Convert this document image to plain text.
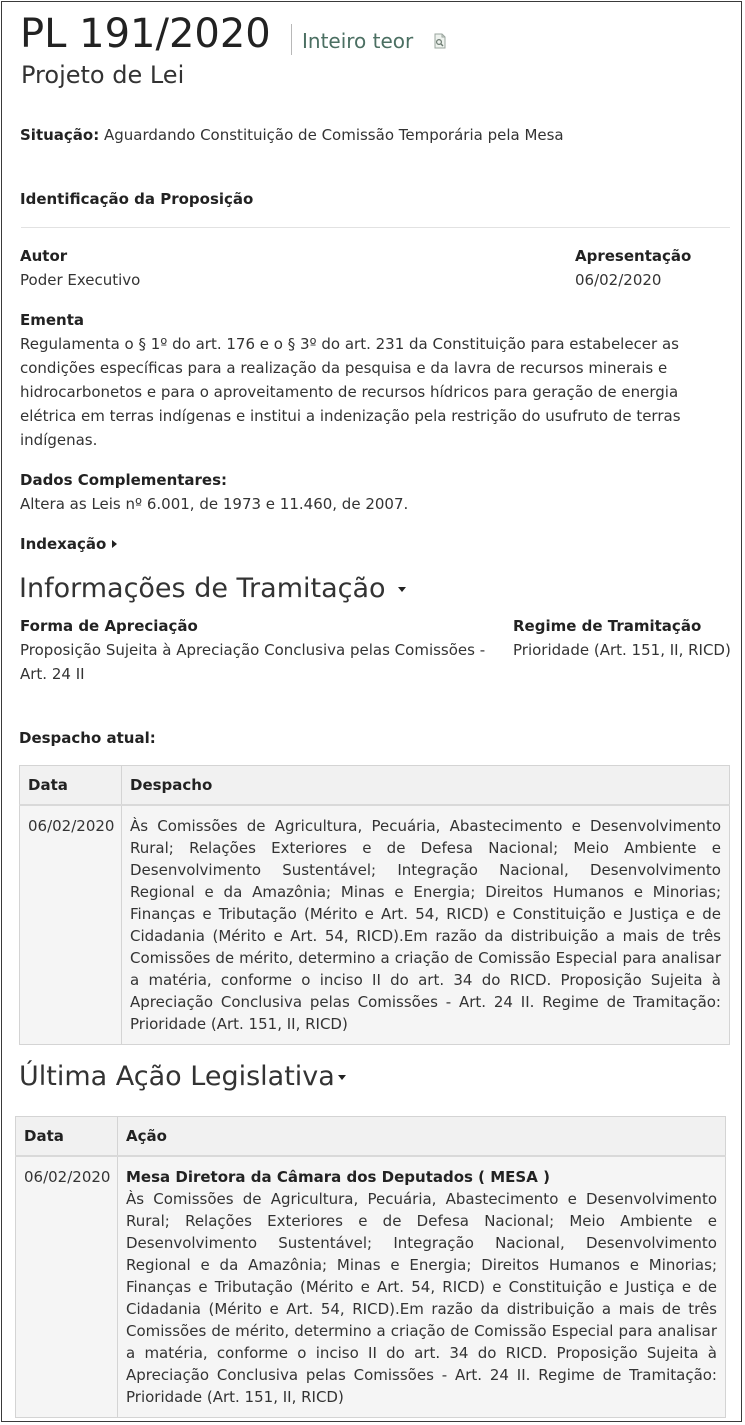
PL 191/2020 Inteiro teor
Projeto de Lei
Situação: Aguardando Constituição de Comissão Temporária pela Mesa
Identificação da Proposição
Autor
Poder Executivo
Apresentação
06/02/2020
Ementa
Regulamenta o § 1º do art. 176 e o § 3º do art. 231 da Constituição para estabelecer as
condições específicas para a realização da pesquisa e da lavra de recursos minerais e
hidrocarbonetos e para o aproveitamento de recursos hídricos para geração de energia
elétrica em terras indígenas e institui a indenização pela restrição do usufruto de terras
indígenas.
Dados Complementares:
Altera as Leis nº 6.001, de 1973 e 11.460, de 2007.
Indexação
Informações de Tramitação
Forma de Apreciação
Proposição Sujeita à Apreciação Conclusiva pelas Comissões -
Art. 24 II
Regime de Tramitação
Prioridade (Art. 151, II, RICD)
Despacho atual:
Data	Despacho
06/02/2020	Às Comissões de Agricultura, Pecuária, Abastecimento e Desenvolvimento Rural; Relações Exteriores e de Defesa Nacional; Meio Ambiente e Desenvolvimento Sustentável; Integração Nacional, Desenvolvimento Regional e da Amazônia; Minas e Energia; Direitos Humanos e Minorias; Finanças e Tributação (Mérito e Art. 54, RICD) e Constituição e Justiça e de Cidadania (Mérito e Art. 54, RICD).Em razão da distribuição a mais de três Comissões de mérito, determino a criação de Comissão Especial para analisar a matéria, conforme o inciso II do art. 34 do RICD. Proposição Sujeita à Apreciação Conclusiva pelas Comissões - Art. 24 II. Regime de Tramitação: Prioridade (Art. 151, II, RICD)
Última Ação Legislativa
Data	Ação
06/02/2020	Mesa Diretora da Câmara dos Deputados ( MESA )
Às Comissões de Agricultura, Pecuária, Abastecimento e Desenvolvimento Rural; Relações Exteriores e de Defesa Nacional; Meio Ambiente e Desenvolvimento Sustentável; Integração Nacional, Desenvolvimento Regional e da Amazônia; Minas e Energia; Direitos Humanos e Minorias; Finanças e Tributação (Mérito e Art. 54, RICD) e Constituição e Justiça e de Cidadania (Mérito e Art. 54, RICD).Em razão da distribuição a mais de três Comissões de mérito, determino a criação de Comissão Especial para analisar a matéria, conforme o inciso II do art. 34 do RICD. Proposição Sujeita à Apreciação Conclusiva pelas Comissões - Art. 24 II. Regime de Tramitação: Prioridade (Art. 151, II, RICD)
